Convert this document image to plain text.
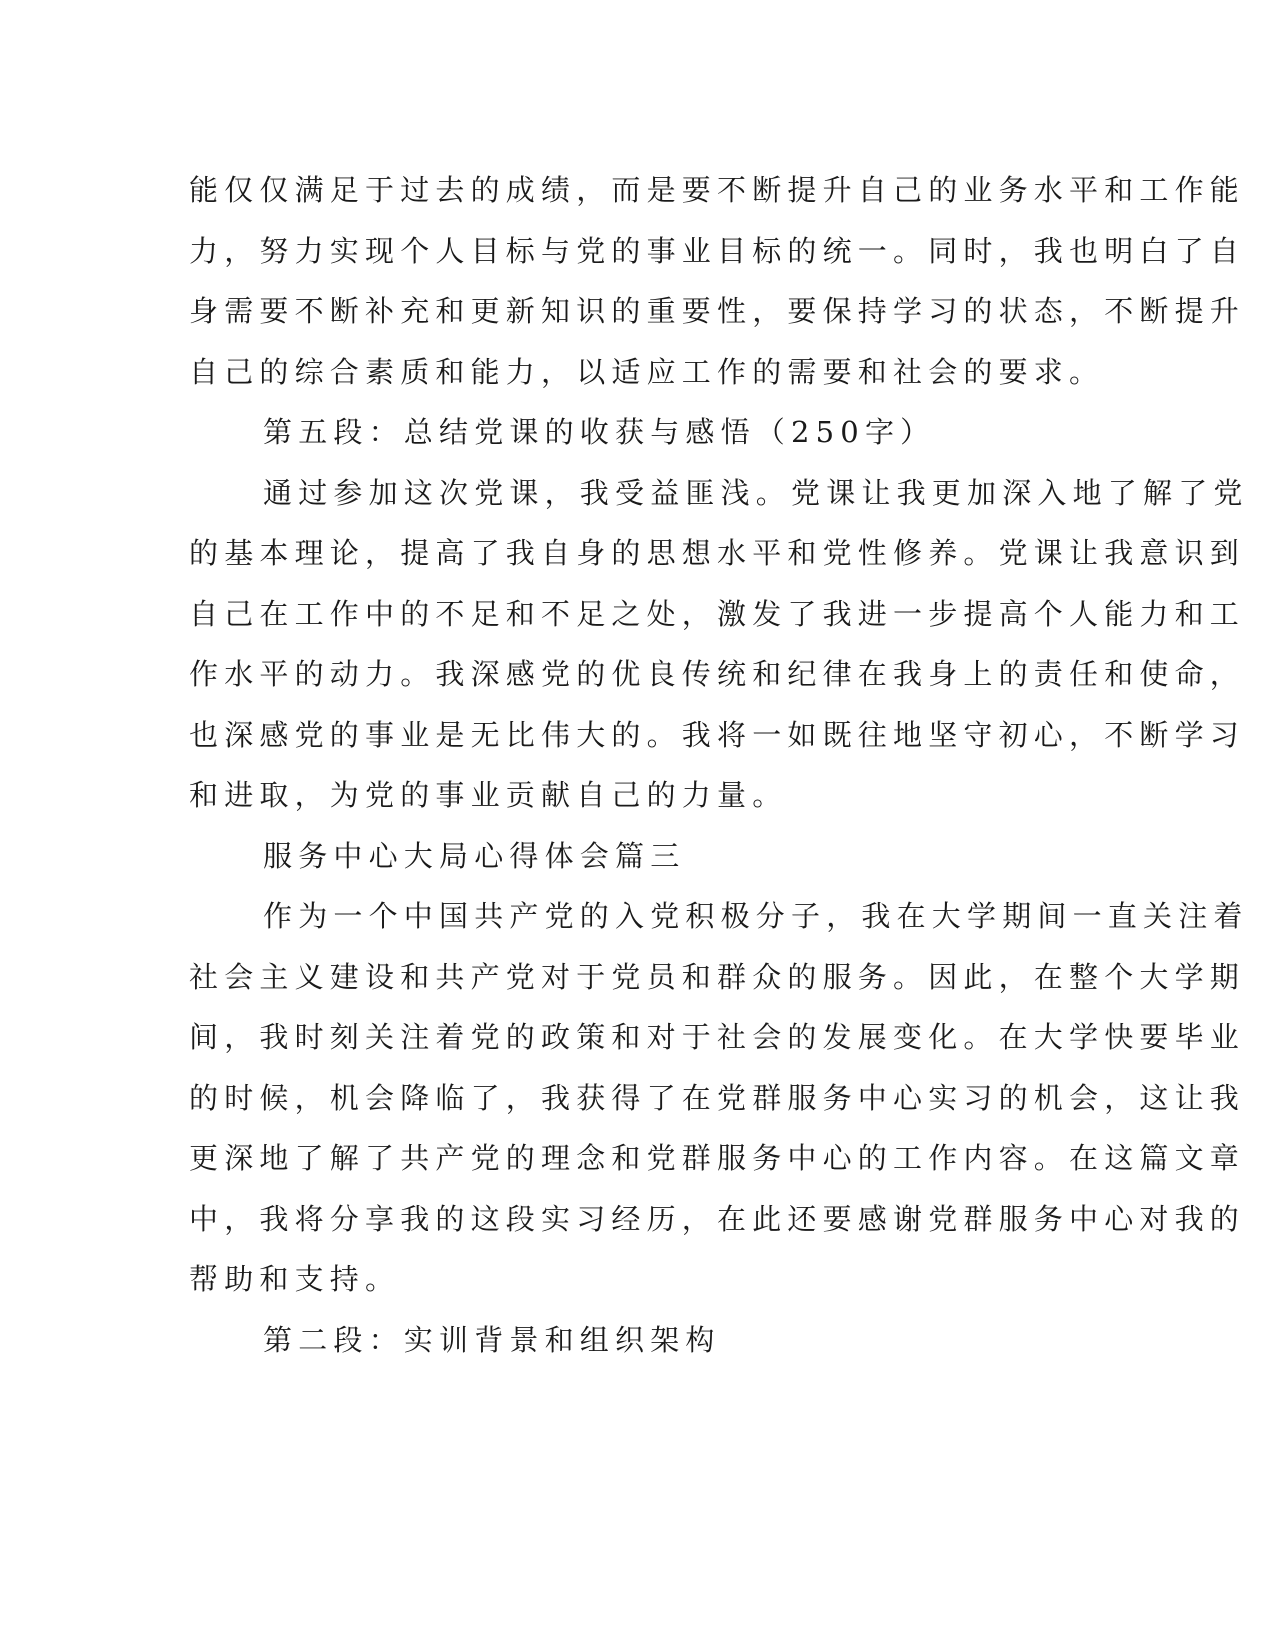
能仅仅满足于过去的成绩，而是要不断提升自己的业务水平和工作能
力，努力实现个人目标与党的事业目标的统一。同时，我也明白了自
身需要不断补充和更新知识的重要性，要保持学习的状态，不断提升
自己的综合素质和能力，以适应工作的需要和社会的要求。
第五段：总结党课的收获与感悟（250字）
通过参加这次党课，我受益匪浅。党课让我更加深入地了解了党
的基本理论，提高了我自身的思想水平和党性修养。党课让我意识到
自己在工作中的不足和不足之处，激发了我进一步提高个人能力和工
作水平的动力。我深感党的优良传统和纪律在我身上的责任和使命，
也深感党的事业是无比伟大的。我将一如既往地坚守初心，不断学习
和进取，为党的事业贡献自己的力量。
服务中心大局心得体会篇三
作为一个中国共产党的入党积极分子，我在大学期间一直关注着
社会主义建设和共产党对于党员和群众的服务。因此，在整个大学期
间，我时刻关注着党的政策和对于社会的发展变化。在大学快要毕业
的时候，机会降临了，我获得了在党群服务中心实习的机会，这让我
更深地了解了共产党的理念和党群服务中心的工作内容。在这篇文章
中，我将分享我的这段实习经历，在此还要感谢党群服务中心对我的
帮助和支持。
第二段：实训背景和组织架构
